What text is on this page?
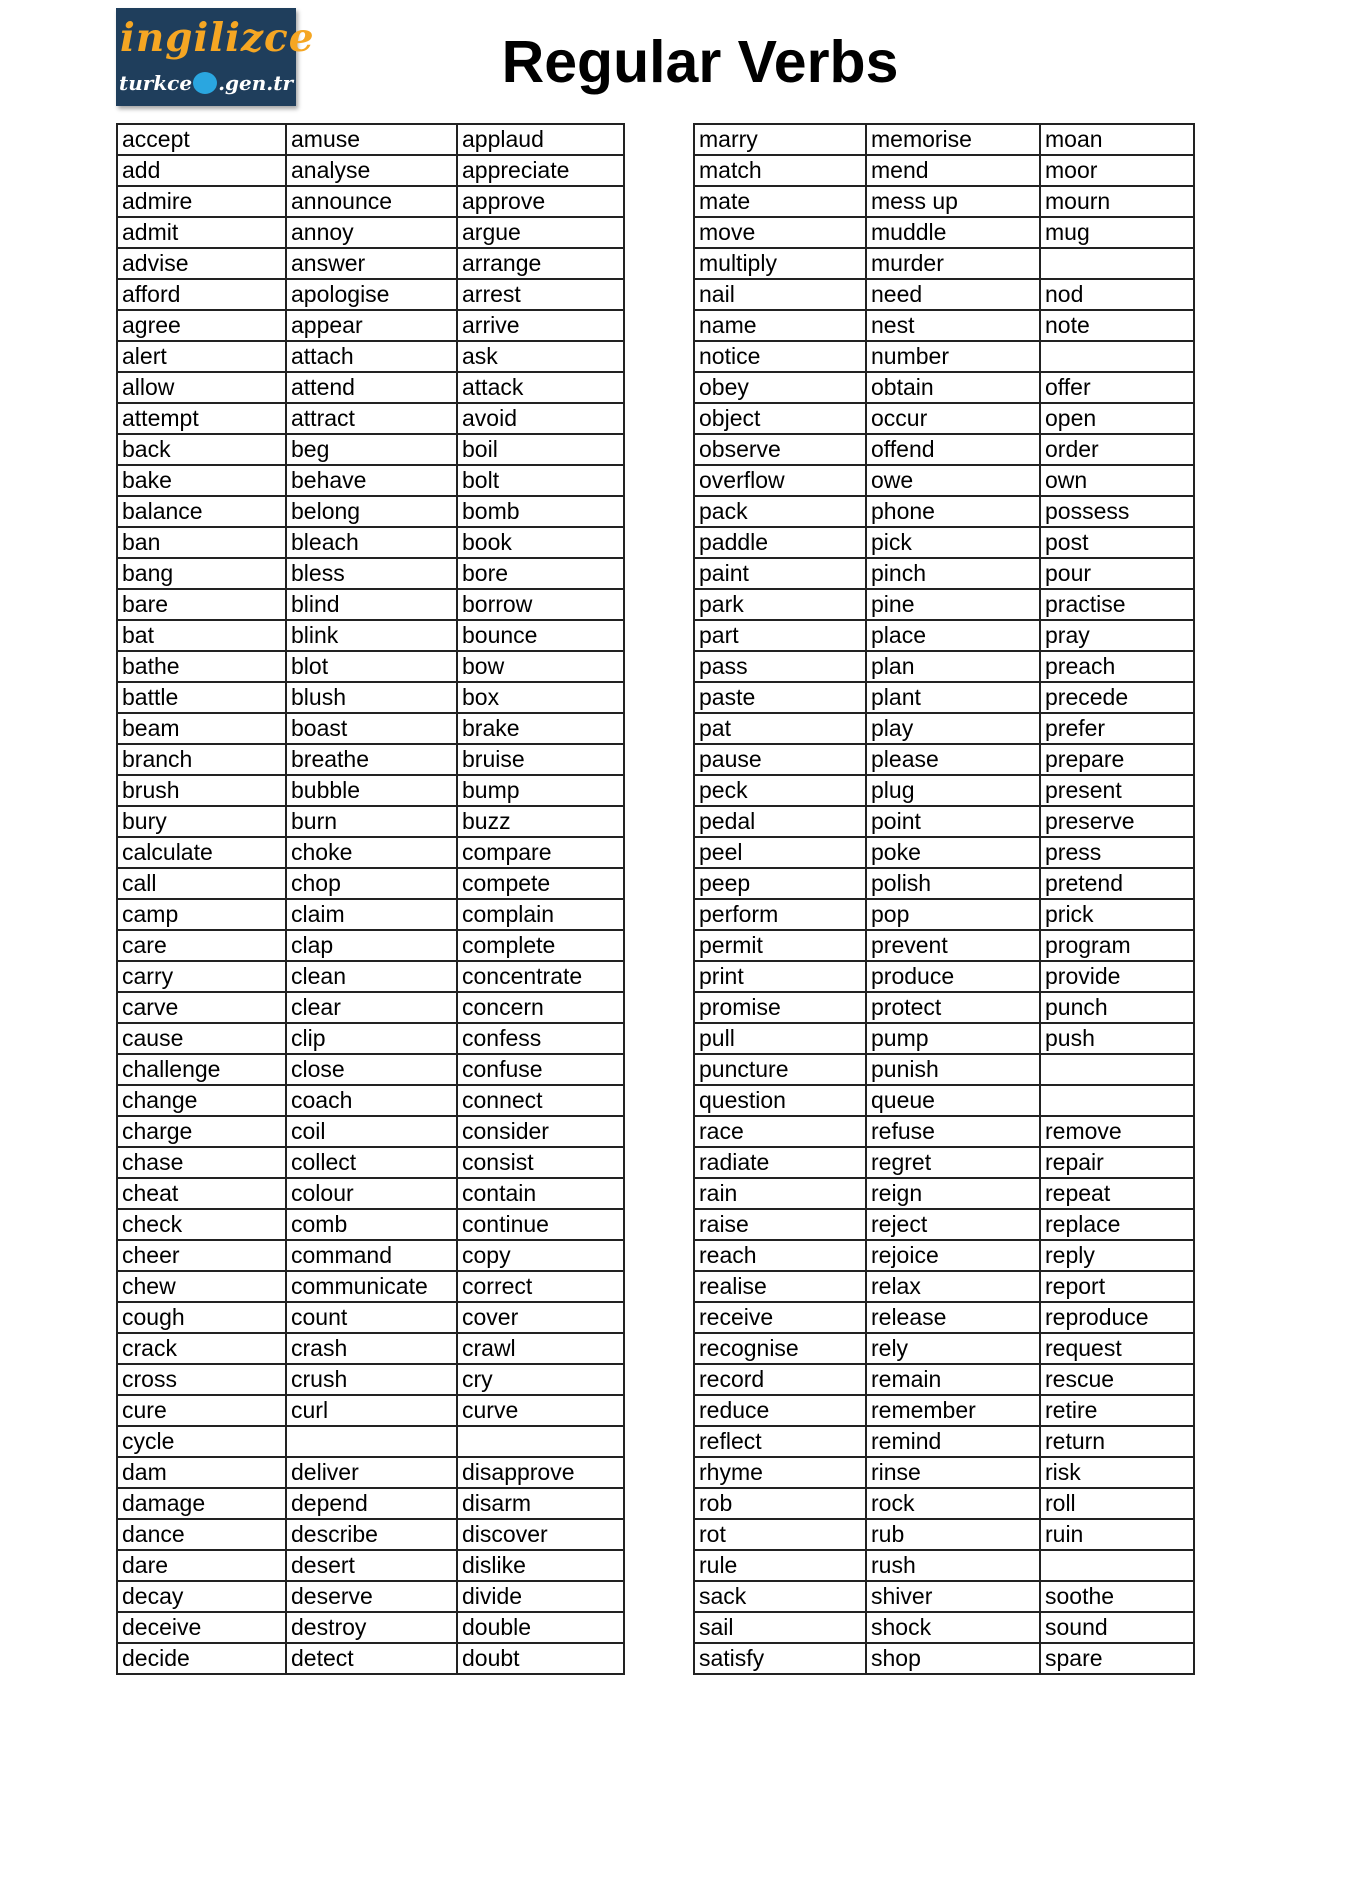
ingilizce
turkce .gen.tr	Regular Verbs
accept	amuse	applaud
add	analyse	appreciate
admire	announce	approve
admit	annoy	argue
advise	answer	arrange
afford	apologise	arrest
agree	appear	arrive
alert	attach	ask
allow	attend	attack
attempt	attract	avoid
back	beg	boil
bake	behave	bolt
balance	belong	bomb
ban	bleach	book
bang	bless	bore
bare	blind	borrow
bat	blink	bounce
bathe	blot	bow
battle	blush	box
beam	boast	brake
branch	breathe	bruise
brush	bubble	bump
bury	burn	buzz
calculate	choke	compare
call	chop	compete
camp	claim	complain
care	clap	complete
carry	clean	concentrate
carve	clear	concern
cause	clip	confess
challenge	close	confuse
change	coach	connect
charge	coil	consider
chase	collect	consist
cheat	colour	contain
check	comb	continue
cheer	command	copy
chew	communicate	correct
cough	count	cover
crack	crash	crawl
cross	crush	cry
cure	curl	curve
cycle		
dam	deliver	disapprove
damage	depend	disarm
dance	describe	discover
dare	desert	dislike
decay	deserve	divide
deceive	destroy	double
decide	detect	doubt
marry	memorise	moan
match	mend	moor
mate	mess up	mourn
move	muddle	mug
multiply	murder	
nail	need	nod
name	nest	note
notice	number	
obey	obtain	offer
object	occur	open
observe	offend	order
overflow	owe	own
pack	phone	possess
paddle	pick	post
paint	pinch	pour
park	pine	practise
part	place	pray
pass	plan	preach
paste	plant	precede
pat	play	prefer
pause	please	prepare
peck	plug	present
pedal	point	preserve
peel	poke	press
peep	polish	pretend
perform	pop	prick
permit	prevent	program
print	produce	provide
promise	protect	punch
pull	pump	push
puncture	punish	
question	queue	
race	refuse	remove
radiate	regret	repair
rain	reign	repeat
raise	reject	replace
reach	rejoice	reply
realise	relax	report
receive	release	reproduce
recognise	rely	request
record	remain	rescue
reduce	remember	retire
reflect	remind	return
rhyme	rinse	risk
rob	rock	roll
rot	rub	ruin
rule	rush	
sack	shiver	soothe
sail	shock	sound
satisfy	shop	spare
